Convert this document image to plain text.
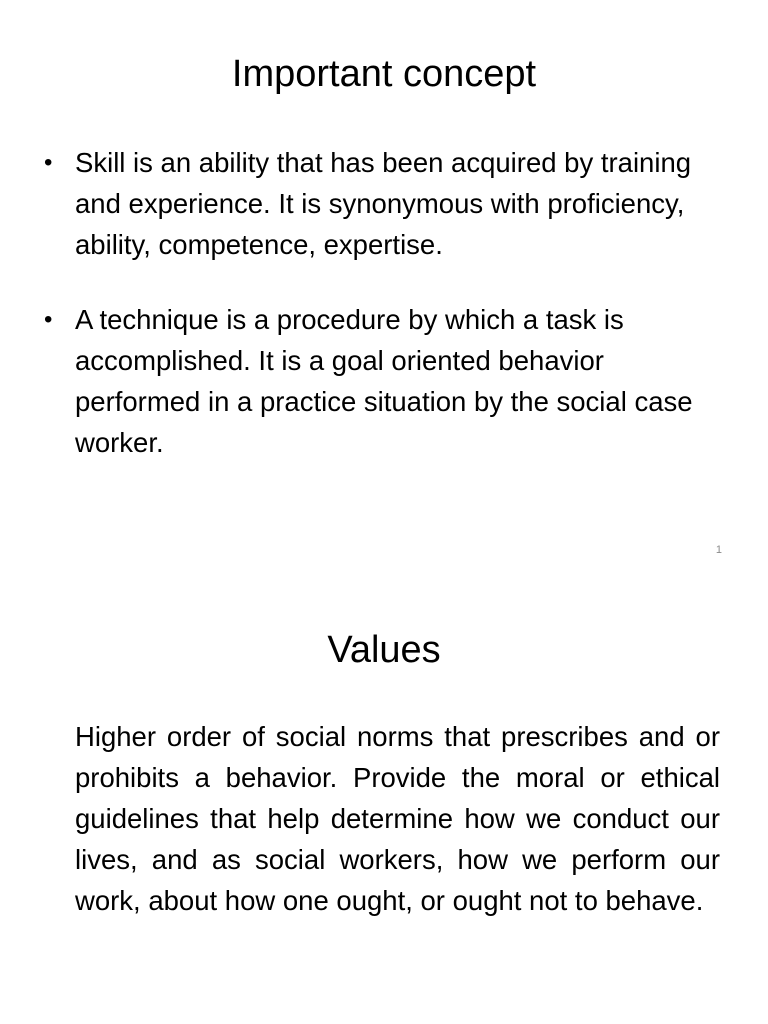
Important concept
• Skill is an ability that has been acquired by training and experience. It is synonymous with proficiency, ability, competence, expertise.
• A technique is a procedure by which a task is accomplished. It is a goal oriented behavior performed in a practice situation by the social case worker.
1
Values

Higher order of social norms that prescribes and or prohibits a behavior. Provide the moral or ethical guidelines that help determine how we conduct our lives, and as social workers, how we perform our work, about how one ought, or ought not to behave.
